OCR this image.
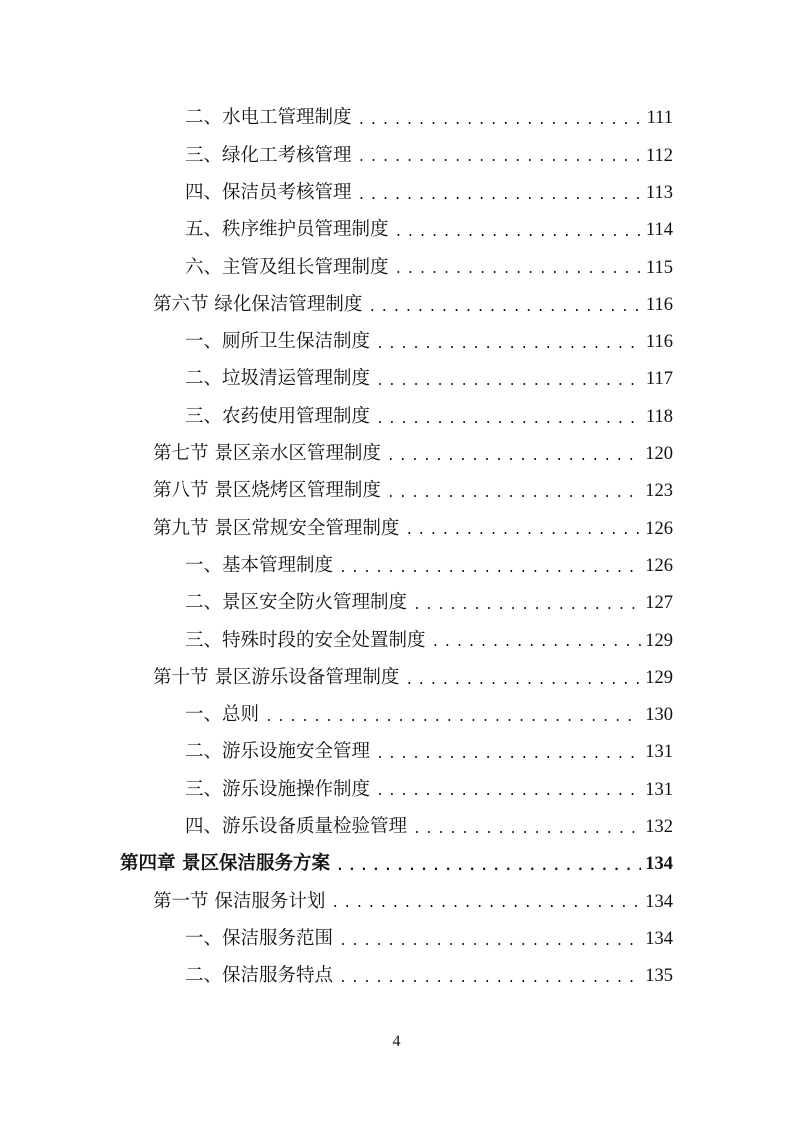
二、水电工管理制度 .....	111
三、绿化工考核管理 .....	112
四、保洁员考核管理 .....	113
五、秩序维护员管理制度 .....	114
六、主管及组长管理制度 .....	115
第六节 绿化保洁管理制度 .....	116
一、厕所卫生保洁制度 .....	116
二、垃圾清运管理制度 .....	117
三、农药使用管理制度 .....	118
第七节 景区亲水区管理制度 .....	120
第八节 景区烧烤区管理制度 .....	123
第九节 景区常规安全管理制度 .....	126
一、基本管理制度 .....	126
二、景区安全防火管理制度 .....	127
三、特殊时段的安全处置制度 .....	129
第十节 景区游乐设备管理制度 .....	129
一、总则 .....	130
二、游乐设施安全管理 .....	131
三、游乐设施操作制度 .....	131
四、游乐设备质量检验管理 .....	132
第四章 景区保洁服务方案 .....	134
第一节 保洁服务计划 .....	134
一、保洁服务范围 .....	134
二、保洁服务特点 .....	135
4
